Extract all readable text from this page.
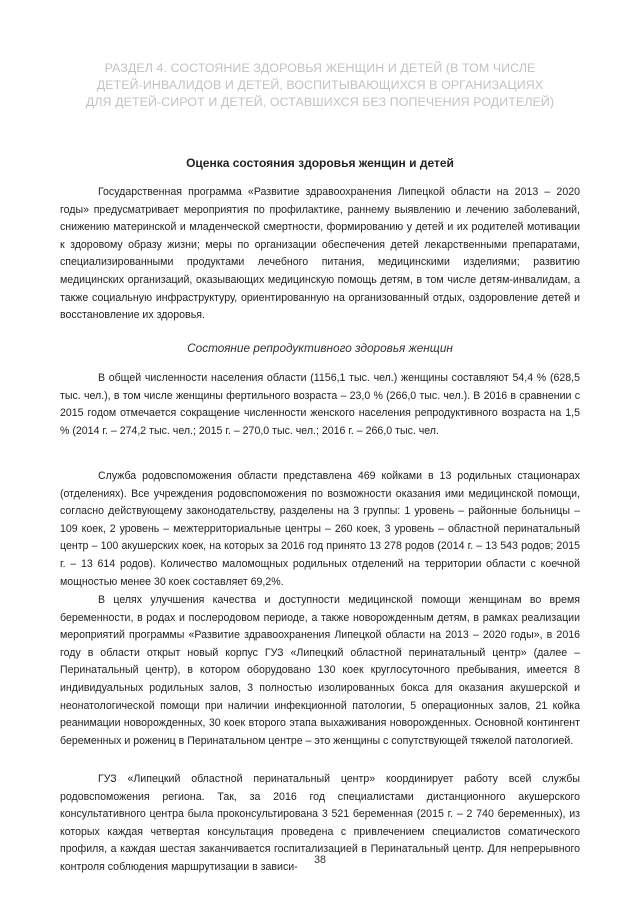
РАЗДЕЛ 4. СОСТОЯНИЕ ЗДОРОВЬЯ ЖЕНЩИН И ДЕТЕЙ (В ТОМ ЧИСЛЕ
ДЕТЕЙ-ИНВАЛИДОВ И ДЕТЕЙ, ВОСПИТЫВАЮЩИХСЯ В ОРГАНИЗАЦИЯХ
ДЛЯ ДЕТЕЙ-СИРОТ И ДЕТЕЙ, ОСТАВШИХСЯ БЕЗ ПОПЕЧЕНИЯ РОДИТЕЛЕЙ)
Оценка состояния здоровья женщин и детей

Государственная программа «Развитие здравоохранения Липецкой области на 2013 – 2020 годы» предусматривает мероприятия по профилактике, раннему выявлению и лечению заболеваний, снижению материнской и младенческой смертности, формированию у детей и их родителей мотивации к здоровому образу жизни; меры по организации обеспечения детей лекарственными препаратами, специализированными продуктами лечебного питания, медицинскими изделиями; развитию медицинских организаций, оказывающих медицинскую помощь детям, в том числе детям-инвалидам, а также социальную инфраструктуру, ориентированную на организованный отдых, оздоровление детей и восстановление их здоровья.

Состояние репродуктивного здоровья женщин

В общей численности населения области (1156,1 тыс. чел.) женщины составляют 54,4 % (628,5 тыс. чел.), в том числе женщины фертильного возраста – 23,0 % (266,0 тыс. чел.). В 2016 в сравнении с 2015 годом отмечается сокращение численности женского населения репродуктивного возраста на 1,5 % (2014 г. – 274,2 тыс. чел.; 2015 г. – 270,0 тыс. чел.; 2016 г. – 266,0 тыс. чел.

Служба родовспоможения области представлена 469 койками в 13 родильных стационарах (отделениях). Все учреждения родовспоможения по возможности оказания ими медицинской помощи, согласно действующему законодательству, разделены на 3 группы: 1 уровень – районные больницы – 109 коек, 2 уровень – межтерриториальные центры – 260 коек, 3 уровень – областной перинатальный центр – 100 акушерских коек, на которых за 2016 год принято 13 278 родов (2014 г. – 13 543 родов; 2015 г. – 13 614 родов). Количество маломощных родильных отделений на территории области с коечной мощностью менее 30 коек составляет 69,2%.

В целях улучшения качества и доступности медицинской помощи женщинам во время беременности, в родах и послеродовом периоде, а также новорожденным детям, в рамках реализации мероприятий программы «Развитие здравоохранения Липецкой области на 2013 – 2020 годы», в 2016 году в области открыт новый корпус ГУЗ «Липецкий областной перинатальный центр» (далее – Перинатальный центр), в котором оборудовано 130 коек круглосуточного пребывания, имеется 8 индивидуальных родильных залов, 3 полностью изолированных бокса для оказания акушерской и неонатологической помощи при наличии инфекционной патологии, 5 операционных залов, 21 койка реанимации новорожденных, 30 коек второго этапа выхаживания новорожденных. Основной контингент беременных и рожениц в Перинатальном центре – это женщины с сопутствующей тяжелой патологией.

ГУЗ «Липецкий областной перинатальный центр» координирует работу всей службы родовспоможения региона. Так, за 2016 год специалистами дистанционного акушерского консультативного центра была проконсультирована 3 521 беременная (2015 г. – 2 740 беременных), из которых каждая четвертая консультация проведена с привлечением специалистов соматического профиля, а каждая шестая заканчивается госпитализацией в Перинатальный центр. Для непрерывного контроля соблюдения маршрутизации в зависи-

38
